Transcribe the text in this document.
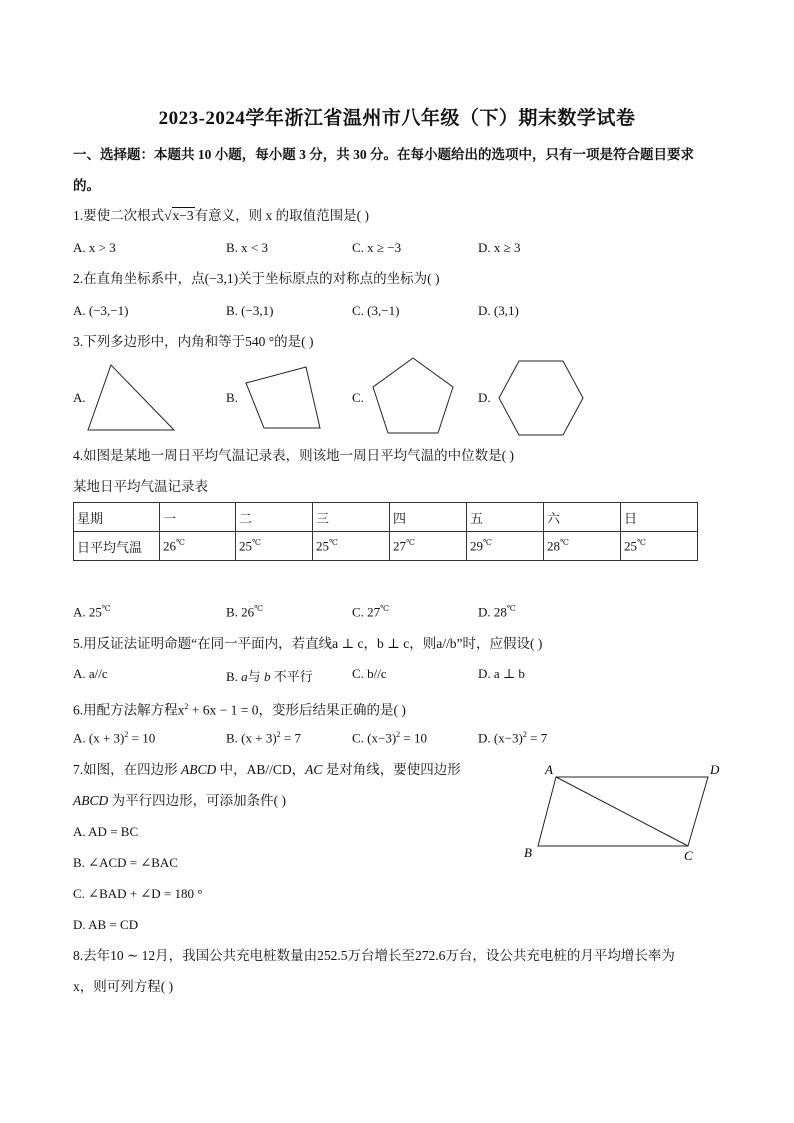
2023-2024学年浙江省温州市八年级（下）期末数学试卷
一、选择题：本题共 10 小题，每小题 3 分，共 30 分。在每小题给出的选项中，只有一项是符合题目要求
的。
1.要使二次根式√x−3有意义，则 x 的取值范围是( )
A. x > 3	B. x < 3	C. x ≥ −3	D. x ≥ 3
2.在直角坐标系中，点(−3,1)关于坐标原点的对称点的坐标为( )
A. (−3,−1)	B. (−3,1)	C. (3,−1)	D. (3,1)
3.下列多边形中，内角和等于540 °的是( )
A.	B.	C.	D.
4.如图是某地一周日平均气温记录表，则该地一周日平均气温的中位数是( )
某地日平均气温记录表
星期	一	二	三	四	五	六	日
日平均气温	26℃	25℃	25℃	27℃	29℃	28℃	25℃
A. 25℃	B. 26℃	C. 27℃	D. 28℃
5.用反证法证明命题“在同一平面内，若直线a ⊥ c，b ⊥ c，则a//b”时，应假设( )
A. a//c	B. a与 b 不平行	C. b//c	D. a ⊥ b
6.用配方法解方程$x^2 + 6x - 1 = 0$，变形后结果正确的是( )
A. $(x + 3)^2 = 10$	B. $(x + 3)^2 = 7$	C. $(x-3)^2 = 10$	D. $(x-3)^2 = 7$
7.如图，在四边形 ABCD 中，AB//CD，AC 是对角线，要使四边形
ABCD 为平行四边形，可添加条件( )
A. AD = BC
B. ∠ACD = ∠BAC
C. ∠BAD + ∠D = 180 °
D. AB = CD
A	D
B	C
8.去年10 ∼ 12月，我国公共充电桩数量由252.5万台增长至272.6万台，设公共充电桩的月平均增长率为
x，则可列方程( )
